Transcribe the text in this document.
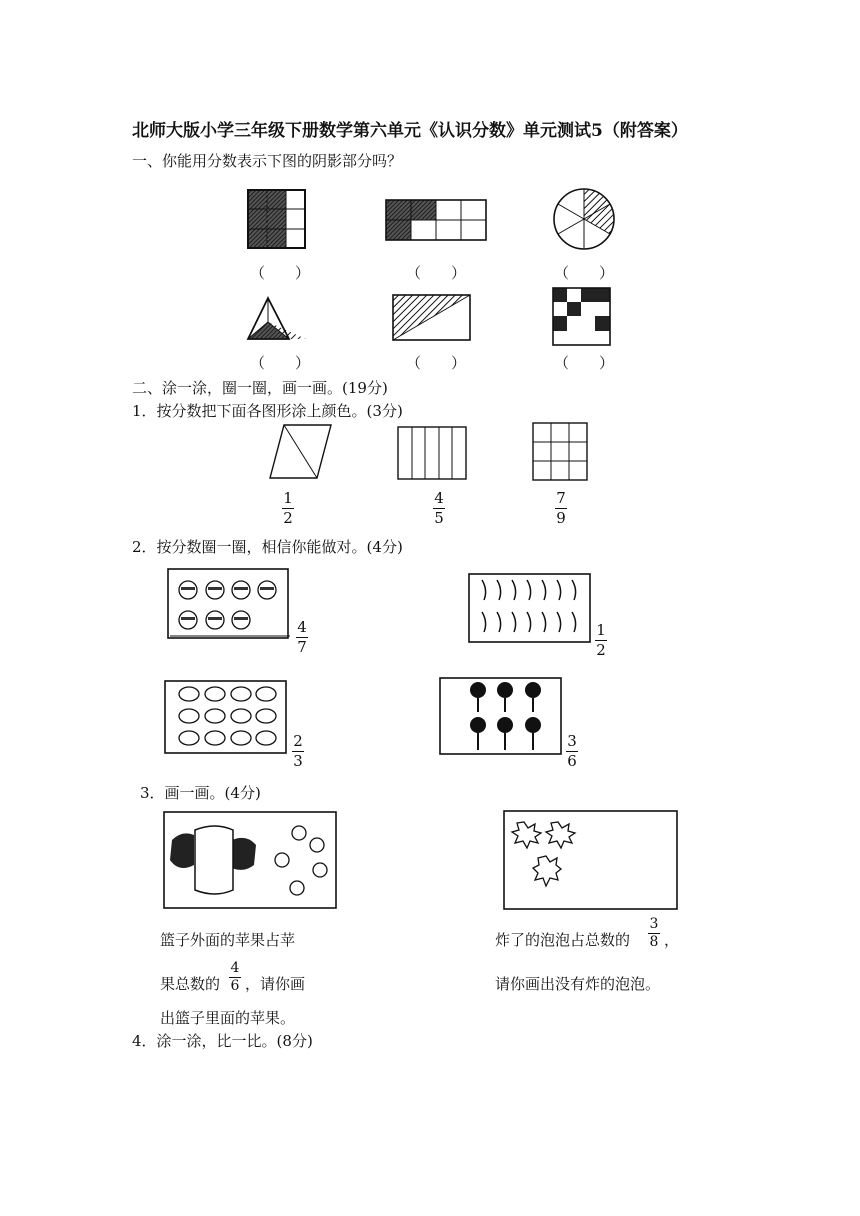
北师大版小学三年级下册数学第六单元《认识分数》单元测试5（附答案）
一、你能用分数表示下图的阴影部分吗？
（　　）	（　　）	（　　）
（　　）	（　　）	（　　）
二、涂一涂，圈一圈，画一画。(19分)
1．按分数把下面各图形涂上颜色。(3分)
1
2
4
5
7
9
2．按分数圈一圈，相信你能做对。(4分)
4
7
1
2
2
3
3
6
3．画一画。(4分)
篮子外面的苹果占苹
果总数的
4
6 ，请你画
出篮子里面的苹果。
炸了的泡泡占总数的
3
8 ，
请你画出没有炸的泡泡。
4．涂一涂，比一比。(8分)
